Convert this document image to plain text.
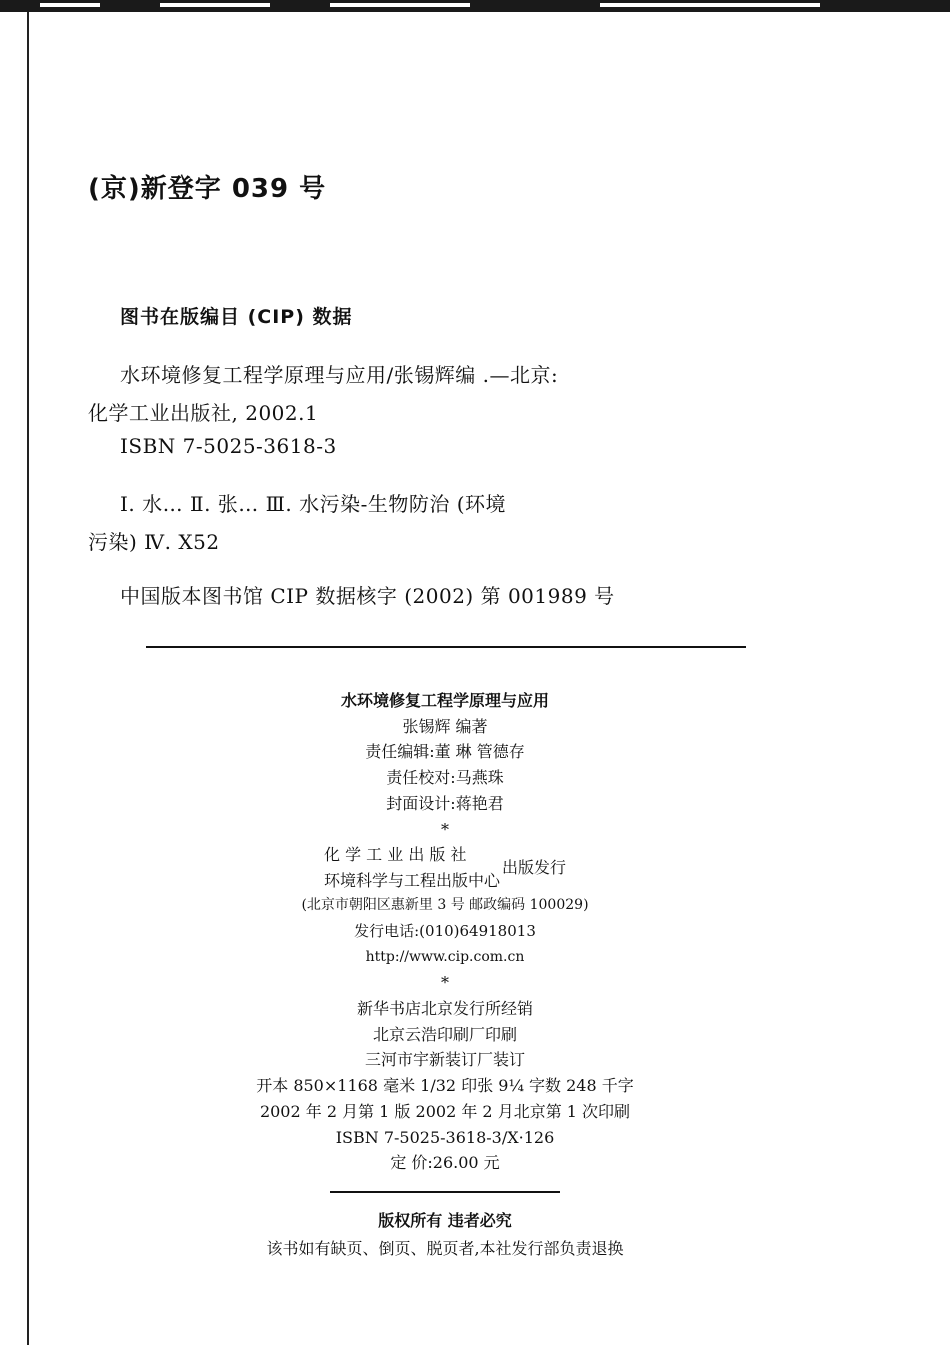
(京)新登字 039 号
图书在版编目 (CIP) 数据
水环境修复工程学原理与应用/张锡辉编 .—北京:
化学工业出版社, 2002.1
ISBN 7-5025-3618-3
Ⅰ. 水… Ⅱ. 张… Ⅲ. 水污染-生物防治 (环境
污染) Ⅳ. X52
中国版本图书馆 CIP 数据核字 (2002) 第 001989 号
水环境修复工程学原理与应用
张锡辉 编著
责任编辑:董 琳 管德存
责任校对:马燕珠
封面设计:蒋艳君
*
化 学 工 业 出 版 社
环境科学与工程出版中心
出版发行
(北京市朝阳区惠新里 3 号 邮政编码 100029)
发行电话:(010)64918013
http://www.cip.com.cn
*
新华书店北京发行所经销
北京云浩印刷厂印刷
三河市宇新装订厂装订
开本 850×1168 毫米 1/32 印张 9¼ 字数 248 千字
2002 年 2 月第 1 版 2002 年 2 月北京第 1 次印刷
ISBN 7-5025-3618-3/X·126
定 价:26.00 元
版权所有 违者必究
该书如有缺页、倒页、脱页者,本社发行部负责退换
